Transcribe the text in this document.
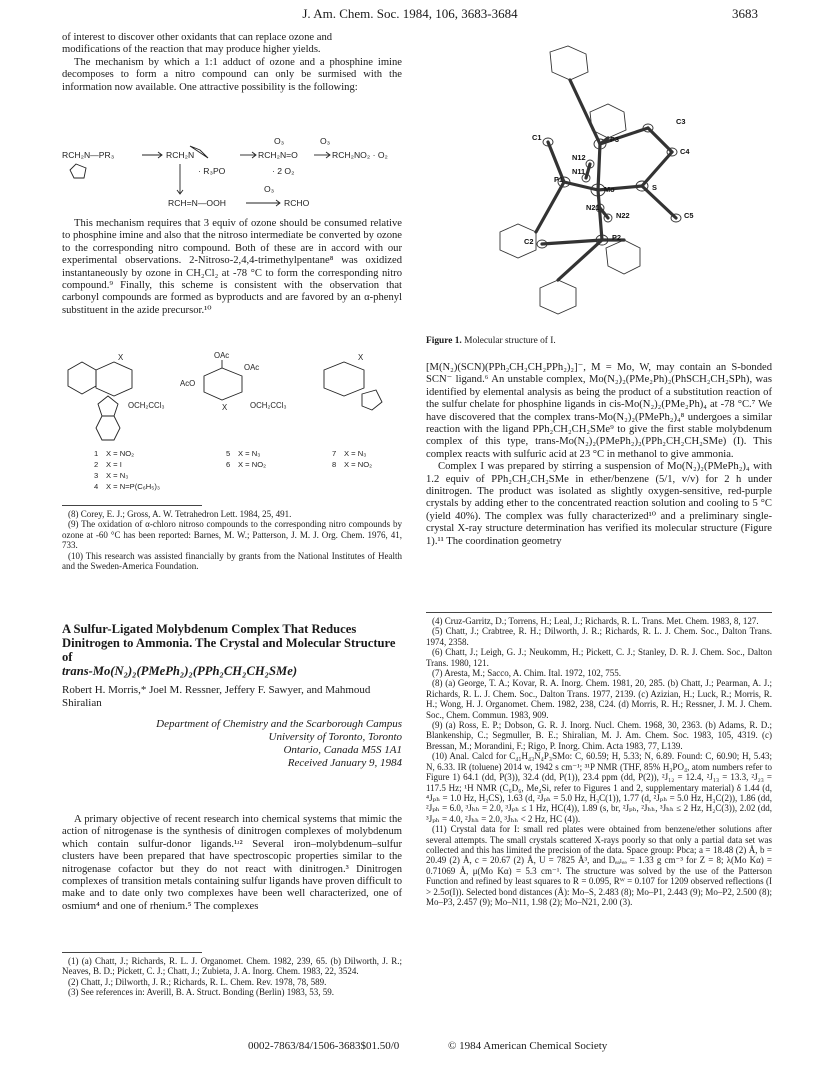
J. Am. Chem. Soc. 1984, 106, 3683-3684	3683

of interest to discover other oxidants that can replace ozone and

modifications of the reaction that may produce higher yields.

The mechanism by which a 1:1 adduct of ozone and a phosphine imine decomposes to form a nitro compound can only be surmised with the information now available. One attractive possibility is the following:

RCH₂N—PR₃	RCH₂N	RCH₂N=O	RCH₂NO₂ · O₂
O₃	O₃
· R₃PO	· 2 O₂
RCH=N—OOH	RCHO
O₃

This mechanism requires that 3 equiv of ozone should be consumed relative to phosphine imine and also that the nitroso intermediate be converted by ozone to the corresponding nitro compound. Both of these are in accord with our experimental observations. 2-Nitroso-2,4,4-trimethylpentane⁸ was oxidized instantaneously by ozone in CH₂Cl₂ at -78 °C to form the corresponding nitro compound.⁹ Finally, this scheme is consistent with the observation that carbonyl compounds are formed as byproducts and are favored by an α-phenyl substituent in the azide precursor.¹⁰

OAc
OAc
AcO
X
X	X
OCH₂CCl₃	OCH₂CCl₃
1 X = NO₂
2 X = I
3 X = N₃
4 X = N=P(C₆H₅)₃
5 X = N₃
6 X = NO₂
7 X = N₃
8 X = NO₂

(8) Corey, E. J.; Gross, A. W. Tetrahedron Lett. 1984, 25, 491.

(9) The oxidation of α-chloro nitroso compounds to the corresponding nitro compounds by ozone at -60 °C has been reported: Barnes, M. W.; Patterson, J. M. J. Org. Chem. 1976, 41, 733.

(10) This research was assisted financially by grants from the National Institutes of Health and the Sweden-America Foundation.

A Sulfur-Ligated Molybdenum Complex That Reduces Dinitrogen to Ammonia. The Crystal and Molecular Structure of
trans-Mo(N₂)₂(PMePh₂)₂(PPh₂CH₂CH₂SMe)
Robert H. Morris,* Joel M. Ressner, Jeffery F. Sawyer, and Mahmoud Shiralian
Department of Chemistry and the Scarborough Campus
University of Toronto, Toronto
Ontario, Canada M5S 1A1
Received January 9, 1984

A primary objective of recent research into chemical systems that mimic the action of nitrogenase is the synthesis of dinitrogen complexes of molybdenum which contain sulfur-donor ligands.¹ʴ² Several iron–molybdenum–sulfur clusters have been prepared that have spectroscopic properties similar to the nitrogenase cofactor but they do not react with dinitrogen.³ Dinitrogen complexes of transition metals containing sulfur ligands have proven difficult to make and to date only two complexes have been well characterized, one of osmium⁴ and one of rhenium.⁵ The complexes

(1) (a) Chatt, J.; Richards, R. L. J. Organomet. Chem. 1982, 239, 65. (b) Dilworth, J. R.; Neaves, B. D.; Pickett, C. J.; Chatt, J.; Zubieta, J. A. Inorg. Chem. 1983, 22, 3524.

(2) Chatt, J.; Dilworth, J. R.; Richards, R. L. Chem. Rev. 1978, 78, 589.

(3) See references in: Averill, B. A. Struct. Bonding (Berlin) 1983, 53, 59.

C3
C1	P3
C4
N12
P1
N11
Mo	S
N21
N22	C5
P2
C2
Figure 1. Molecular structure of I.

[M(N₂)(SCN)(PPh₂CH₂CH₂PPh₂)₂]⁻, M = Mo, W, may contain an S-bonded SCN⁻ ligand.⁶ An unstable complex, Mo(N₂)₂(PMe₂Ph)₂(PhSCH₂CH₂SPh), was identified by elemental analysis as being the product of a substitution reaction of the sulfur chelate for phosphine ligands in cis-Mo(N₂)₂(PMe₂Ph)₄ at -78 °C.⁷ We have discovered that the complex trans-Mo(N₂)₂(PMePh₂)₄⁸ undergoes a similar reaction with the ligand PPh₂CH₂CH₂SMe⁹ to give the first stable molybdenum complex of this type, trans-Mo(N₂)₂(PMePh₂)₂(PPh₂CH₂CH₂SMe) (I). This complex reacts with sulfuric acid at 23 °C in methanol to give ammonia.

Complex I was prepared by stirring a suspension of Mo(N₂)₂(PMePh₂)₄ with 1.2 equiv of PPh₂CH₂CH₂SMe in ether/benzene (5/1, v/v) for 2 h under dinitrogen. The product was isolated as slightly oxygen-sensitive, red-purple crystals by adding ether to the concentrated reaction solution and cooling to 5 °C (yield 40%). The complex was fully characterized¹⁰ and a preliminary single-crystal X-ray structure determination has verified its molecular structure (Figure 1).¹¹ The coordination geometry

(4) Cruz-Garritz, D.; Torrens, H.; Leal, J.; Richards, R. L. Trans. Met. Chem. 1983, 8, 127.

(5) Chatt, J.; Crabtree, R. H.; Dilworth, J. R.; Richards, R. L. J. Chem. Soc., Dalton Trans. 1974, 2358.

(6) Chatt, J.; Leigh, G. J.; Neukomm, H.; Pickett, C. J.; Stanley, D. R. J. Chem. Soc., Dalton Trans. 1980, 121.

(7) Aresta, M.; Sacco, A. Chim. Ital. 1972, 102, 755.

(8) (a) George, T. A.; Kovar, R. A. Inorg. Chem. 1981, 20, 285. (b) Chatt, J.; Pearman, A. J.; Richards, R. L. J. Chem. Soc., Dalton Trans. 1977, 2139. (c) Azizian, H.; Luck, R.; Morris, R. H.; Wong, H. J. Organomet. Chem. 1982, 238, C24. (d) Morris, R. H.; Ressner, J. M. J. Chem. Soc., Chem. Commun. 1983, 909.

(9) (a) Ross, E. P.; Dobson, G. R. J. Inorg. Nucl. Chem. 1968, 30, 2363. (b) Adams, R. D.; Blankenship, C.; Segmuller, B. E.; Shiralian, M. J. Am. Chem. Soc. 1983, 105, 4319. (c) Bressan, M.; Morandini, F.; Rigo, P. Inorg. Chim. Acta 1983, 77, L139.

(10) Anal. Calcd for C₄₁H₄₃N₄P₃SMo: C, 60.59; H, 5.33; N, 6.89. Found: C, 60.90; H, 5.43; N, 6.33. IR (toluene) 2014 w, 1942 s cm⁻¹; ³¹P NMR (THF, 85% H₃PO₄, atom numbers refer to Figure 1) 64.1 (dd, P(3)), 32.4 (dd, P(1)), 23.4 ppm (dd, P(2)), ²J₁₂ = 12.4, ²J₁₃ = 13.3, ²J₂₃ = 117.5 Hz; ¹H NMR (C₆D₆, Me₄Si, refer to Figures 1 and 2, supplementary material) δ 1.44 (d, ⁴Jₚₕ = 1.0 Hz, H₃CS), 1.63 (d, ²Jₚₕ = 5.0 Hz, H₃C(1)), 1.77 (d, ²Jₚₕ = 5.0 Hz, H₃C(2)), 1.86 (dd, ²Jₚₕ = 6.0, ³Jₕₕ = 2.0, ³Jₚₕ ≤ 1 Hz, HC(4)), 1.89 (s, br, ²Jₚₕ, ²Jₕₕ, ³Jₕₕ ≤ 2 Hz, H₂C(3)), 2.02 (dd, ³Jₚₕ = 4.0, ²Jₕₕ = 2.0, ³Jₕₕ < 2 Hz, HC (4)).

(11) Crystal data for I: small red plates were obtained from benzene/ether solutions after several attempts. The small crystals scattered X-rays poorly so that only a partial data set was collected and this has limited the precision of the data. Space group: Pbca; a = 18.48 (2) Å, b = 20.49 (2) Å, c = 20.67 (2) Å, U = 7825 Å³, and Dₑₐₗₑₔ = 1.33 g cm⁻³ for Z = 8; λ(Mo Kα) = 0.71069 Å, μ(Mo Kα) = 5.3 cm⁻¹. The structure was solved by the use of the Patterson Function and refined by least squares to R = 0.095, Rᵂ = 0.107 for 1209 observed reflections (I > 2.5σ(I)). Selected bond distances (Å): Mo–S, 2.483 (8); Mo–P1, 2.443 (9); Mo–P2, 2.500 (8); Mo–P3, 2.457 (9); Mo–N11, 1.98 (2); Mo–N21, 2.00 (3).

0002-7863/84/1506-3683$01.50/0	© 1984 American Chemical Society
